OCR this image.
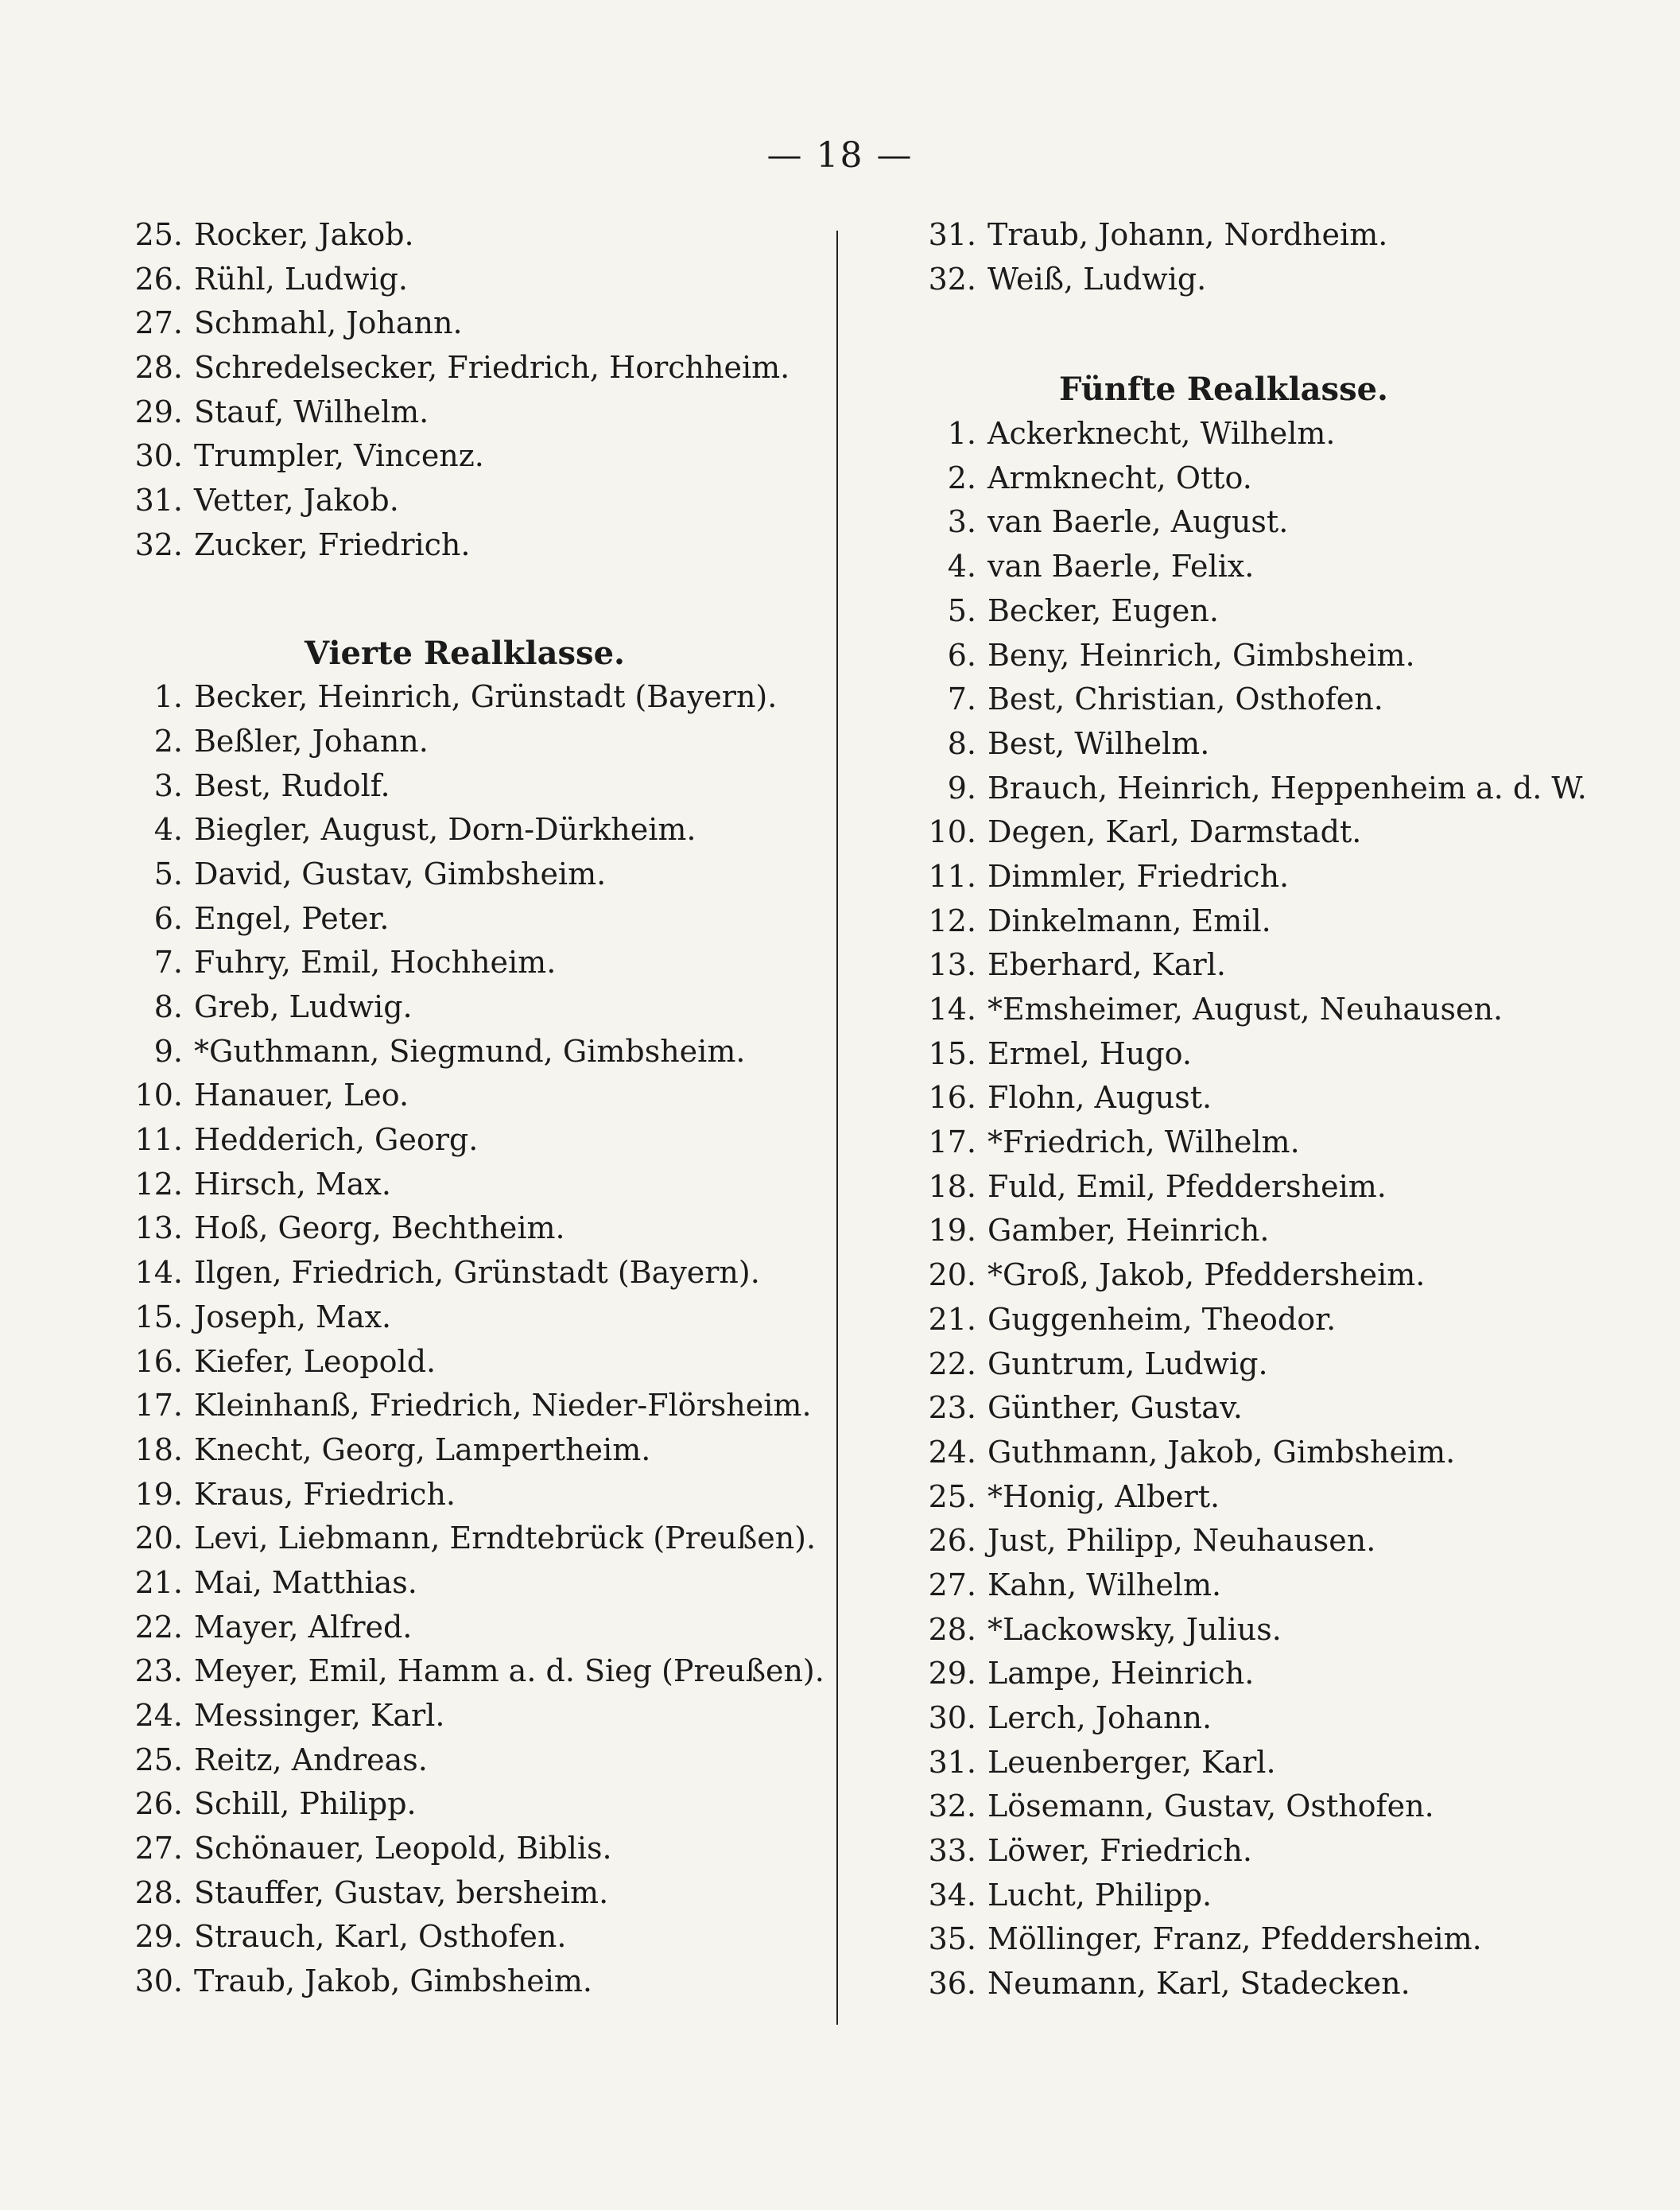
— 18 —
25. Rocker, Jakob.
26. Rühl, Ludwig.
27. Schmahl, Johann.
28. Schredelsecker, Friedrich, Horchheim.
29. Stauf, Wilhelm.
30. Trumpler, Vincenz.
31. Vetter, Jakob.
32. Zucker, Friedrich.
Vierte Realklasse.
1. Becker, Heinrich, Grünstadt (Bayern).
2. Beßler, Johann.
3. Best, Rudolf.
4. Biegler, August, Dorn-Dürkheim.
5. David, Gustav, Gimbsheim.
6. Engel, Peter.
7. Fuhry, Emil, Hochheim.
8. Greb, Ludwig.
9. *Guthmann, Siegmund, Gimbsheim.
10. Hanauer, Leo.
11. Hedderich, Georg.
12. Hirsch, Max.
13. Hoß, Georg, Bechtheim.
14. Ilgen, Friedrich, Grünstadt (Bayern).
15. Joseph, Max.
16. Kiefer, Leopold.
17. Kleinhanß, Friedrich, Nieder-Flörsheim.
18. Knecht, Georg, Lampertheim.
19. Kraus, Friedrich.
20. Levi, Liebmann, Erndtebrück (Preußen).
21. Mai, Matthias.
22. Mayer, Alfred.
23. Meyer, Emil, Hamm a. d. Sieg (Preußen).
24. Messinger, Karl.
25. Reitz, Andreas.
26. Schill, Philipp.
27. Schönauer, Leopold, Biblis.
28. Stauffer, Gustav, bersheim.
29. Strauch, Karl, Osthofen.
30. Traub, Jakob, Gimbsheim.
31. Traub, Johann, Nordheim.
32. Weiß, Ludwig.
Fünfte Realklasse.
1. Ackerknecht, Wilhelm.
2. Armknecht, Otto.
3. van Baerle, August.
4. van Baerle, Felix.
5. Becker, Eugen.
6. Beny, Heinrich, Gimbsheim.
7. Best, Christian, Osthofen.
8. Best, Wilhelm.
9. Brauch, Heinrich, Heppenheim a. d. W.
10. Degen, Karl, Darmstadt.
11. Dimmler, Friedrich.
12. Dinkelmann, Emil.
13. Eberhard, Karl.
14. *Emsheimer, August, Neuhausen.
15. Ermel, Hugo.
16. Flohn, August.
17. *Friedrich, Wilhelm.
18. Fuld, Emil, Pfeddersheim.
19. Gamber, Heinrich.
20. *Groß, Jakob, Pfeddersheim.
21. Guggenheim, Theodor.
22. Guntrum, Ludwig.
23. Günther, Gustav.
24. Guthmann, Jakob, Gimbsheim.
25. *Honig, Albert.
26. Just, Philipp, Neuhausen.
27. Kahn, Wilhelm.
28. *Lackowsky, Julius.
29. Lampe, Heinrich.
30. Lerch, Johann.
31. Leuenberger, Karl.
32. Lösemann, Gustav, Osthofen.
33. Löwer, Friedrich.
34. Lucht, Philipp.
35. Möllinger, Franz, Pfeddersheim.
36. Neumann, Karl, Stadecken.
